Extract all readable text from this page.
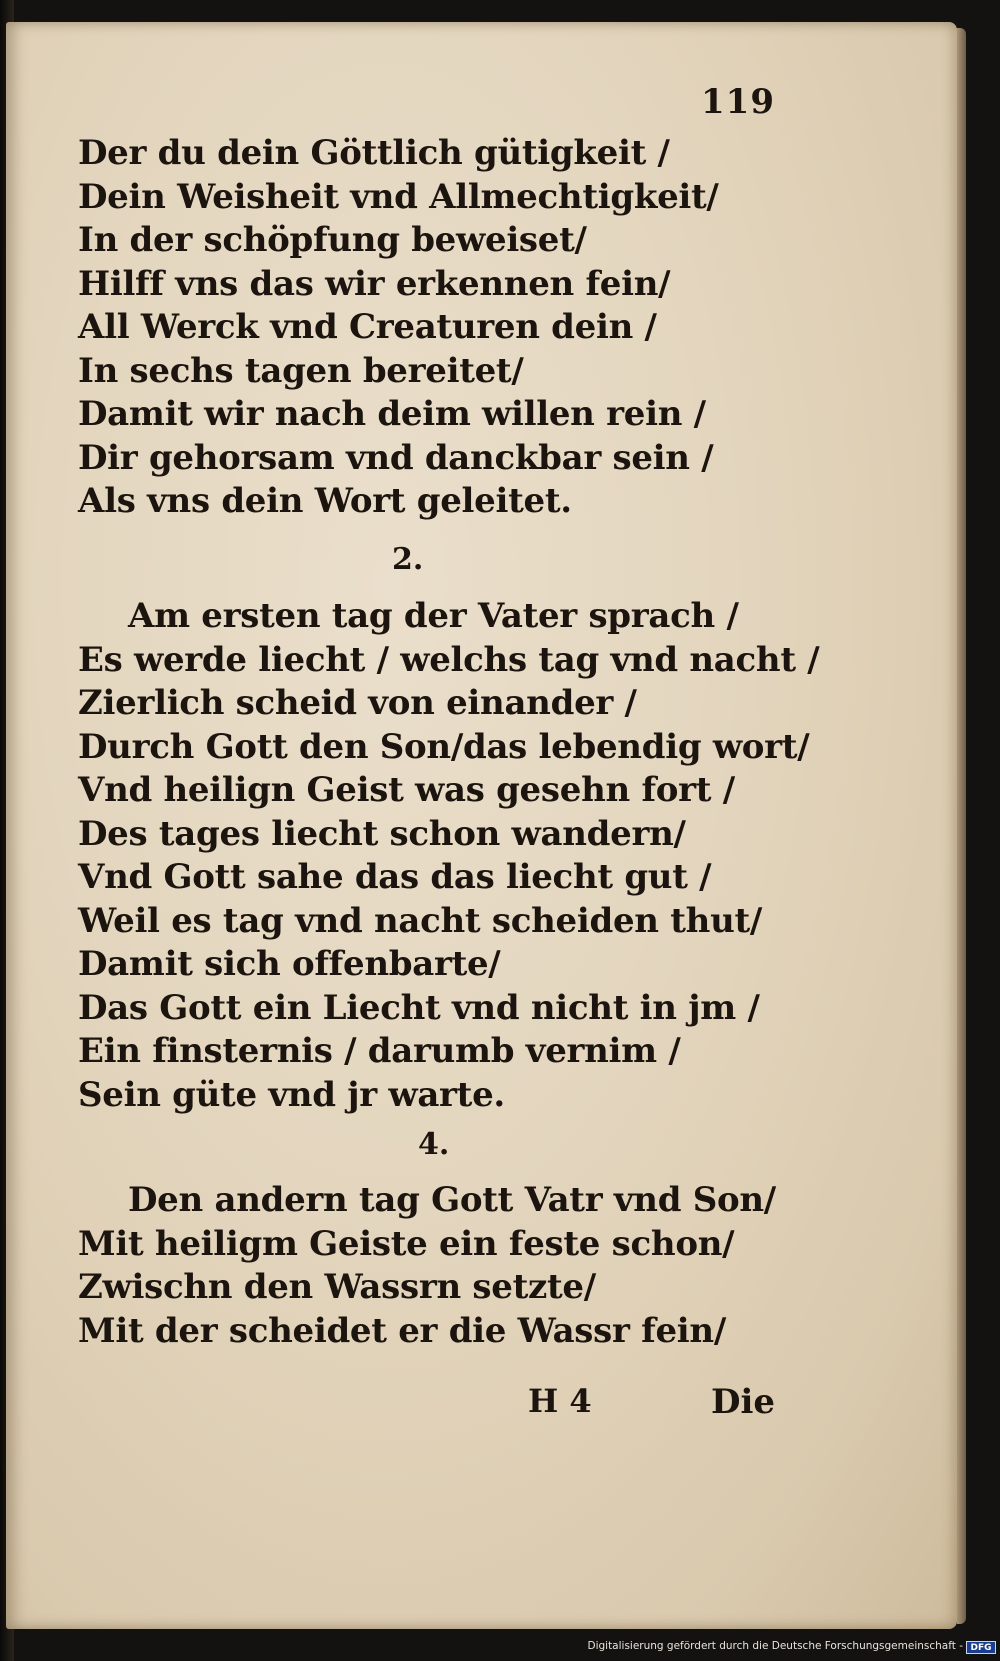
119
Der du dein Göttlich gütigkeit /
Dein Weisheit vnd Allmechtigkeit/
In der schöpfung beweiset/
Hilff vns das wir erkennen fein/
All Werck vnd Creaturen dein /
In sechs tagen bereitet/
Damit wir nach deim willen rein /
Dir gehorsam vnd danckbar sein /
Als vns dein Wort geleitet.
2.
Am ersten tag der Vater sprach /
Es werde liecht / welchs tag vnd nacht /
Zierlich scheid von einander /
Durch Gott den Son/das lebendig wort/
Vnd heilign Geist was gesehn fort /
Des tages liecht schon wandern/
Vnd Gott sahe das das liecht gut /
Weil es tag vnd nacht scheiden thut/
Damit sich offenbarte/
Das Gott ein Liecht vnd nicht in jm /
Ein finsternis / darumb vernim /
Sein güte vnd jr warte.
4.
Den andern tag Gott Vatr vnd Son/
Mit heiligm Geiste ein feste schon/
Zwischn den Wassrn setzte/
Mit der scheidet er die Wassr fein/
H 4	Die
Digitalisierung gefördert durch die Deutsche Forschungsgemeinschaft - DFG
